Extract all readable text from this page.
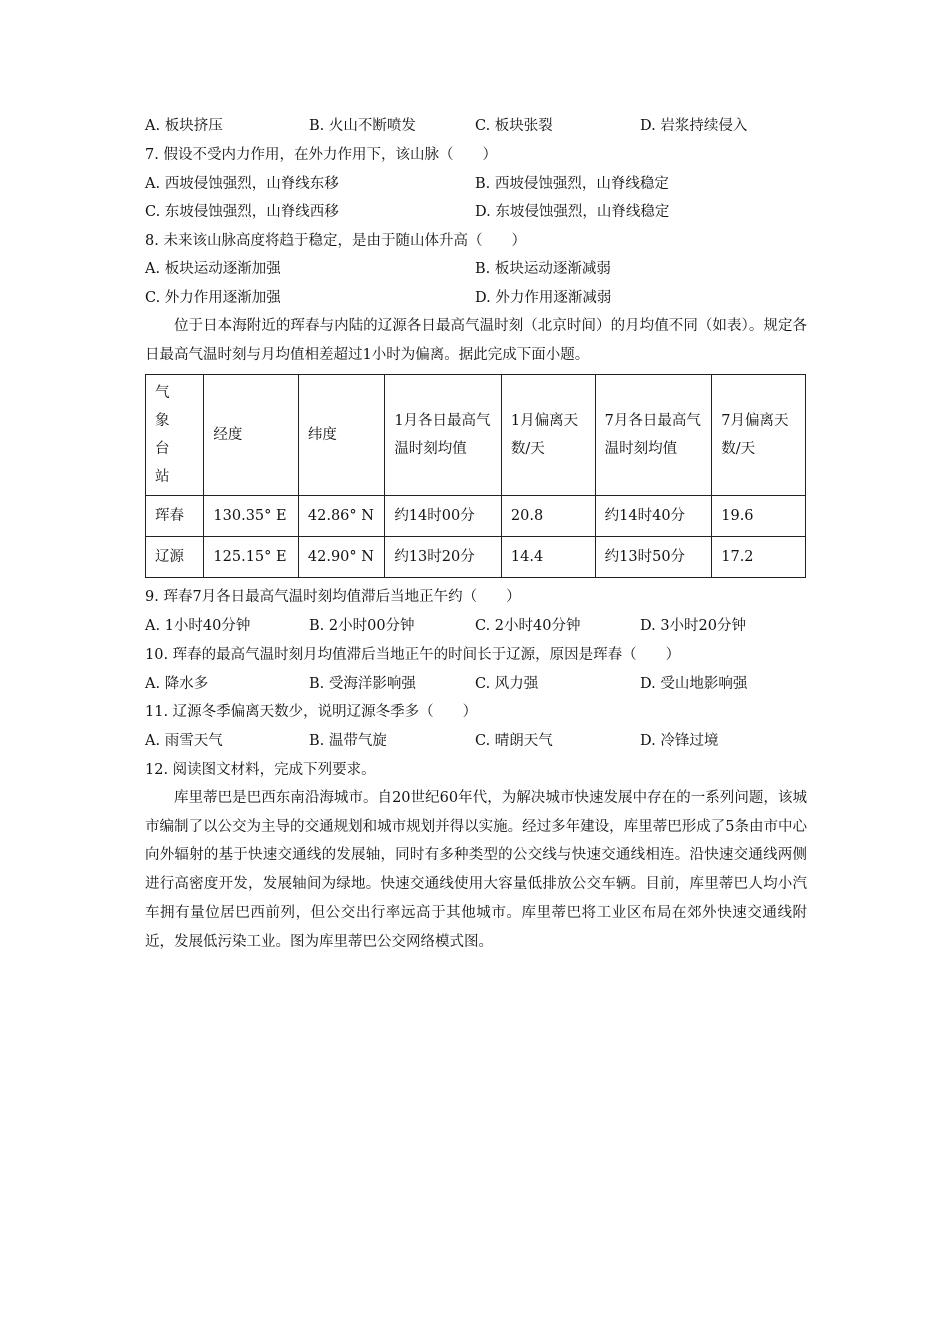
A. 板块挤压	B. 火山不断喷发	C. 板块张裂	D. 岩浆持续侵入
7. 假设不受内力作用，在外力作用下，该山脉（　　）
A. 西坡侵蚀强烈，山脊线东移	B. 西坡侵蚀强烈，山脊线稳定
C. 东坡侵蚀强烈，山脊线西移	D. 东坡侵蚀强烈，山脊线稳定
8. 未来该山脉高度将趋于稳定，是由于随山体升高（　　）
A. 板块运动逐渐加强	B. 板块运动逐渐减弱
C. 外力作用逐渐加强	D. 外力作用逐渐减弱
位于日本海附近的珲春与内陆的辽源各日最高气温时刻（北京时间）的月均值不同（如表）。规定各日最高气温时刻与月均值相差超过1小时为偏离。据此完成下面小题。
气象台站	经度	纬度	1月各日最高气温时刻均值	1月偏离天数/天	7月各日最高气温时刻均值	7月偏离天数/天
珲春	130.35° E	42.86° N	约14时00分	20.8	约14时40分	19.6
辽源	125.15° E	42.90° N	约13时20分	14.4	约13时50分	17.2
9. 珲春7月各日最高气温时刻均值滞后当地正午约（　　）
A. 1小时40分钟	B. 2小时00分钟	C. 2小时40分钟	D. 3小时20分钟
10. 珲春的最高气温时刻月均值滞后当地正午的时间长于辽源，原因是珲春（　　）
A. 降水多	B. 受海洋影响强	C. 风力强	D. 受山地影响强
11. 辽源冬季偏离天数少，说明辽源冬季多（　　）
A. 雨雪天气	B. 温带气旋	C. 晴朗天气	D. 冷锋过境
12. 阅读图文材料，完成下列要求。
库里蒂巴是巴西东南沿海城市。自20世纪60年代，为解决城市快速发展中存在的一系列问题，该城市编制了以公交为主导的交通规划和城市规划并得以实施。经过多年建设，库里蒂巴形成了5条由市中心向外辐射的基于快速交通线的发展轴，同时有多种类型的公交线与快速交通线相连。沿快速交通线两侧进行高密度开发，发展轴间为绿地。快速交通线使用大容量低排放公交车辆。目前，库里蒂巴人均小汽车拥有量位居巴西前列，但公交出行率远高于其他城市。库里蒂巴将工业区布局在郊外快速交通线附近，发展低污染工业。图为库里蒂巴公交网络模式图。
